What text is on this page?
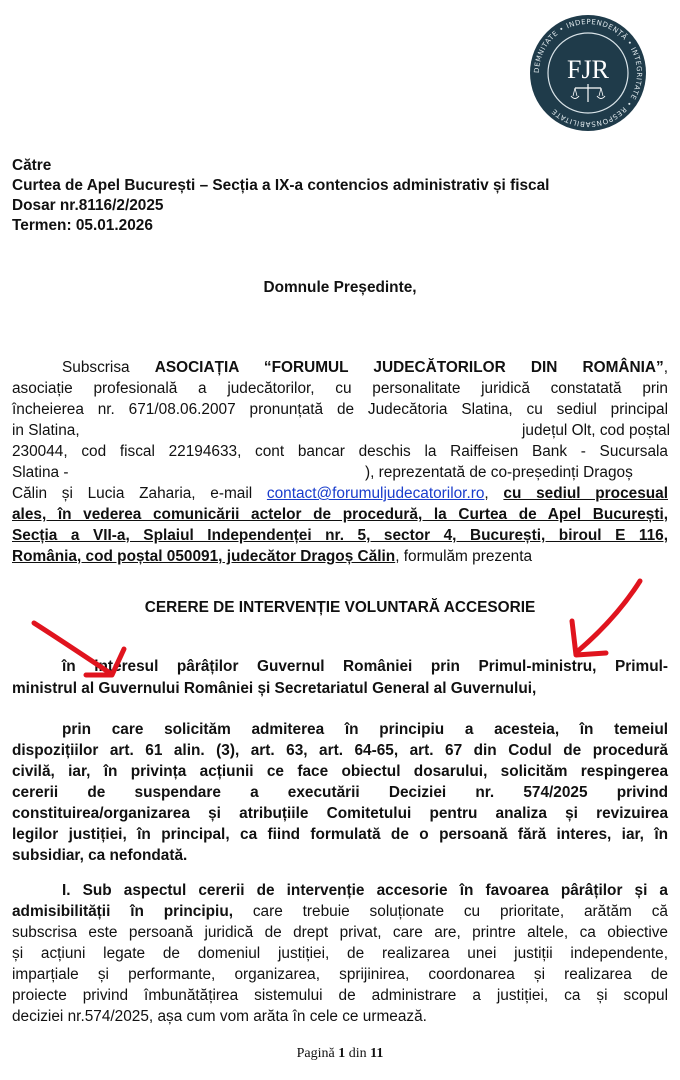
DEMNITATE • INDEPENDENȚĂ • INTEGRITATE • RESPONSABILITATE
FJR
Către
Curtea de Apel București – Secția a IX-a contencios administrativ și fiscal
Dosar nr.8116/2/2025
Termen: 05.01.2026
Domnule Președinte,
Subscrisa ASOCIAȚIA “FORUMUL JUDECĂTORILOR DIN ROMÂNIA”,
asociație profesională a judecătorilor, cu personalitate juridică constatată prin
încheierea nr. 671/08.06.2007 pronunțată de Judecătoria Slatina, cu sediul principal
in Slatina,	județul Olt, cod poștal
230044, cod fiscal 22194633, cont bancar deschis la Raiffeisen Bank - Sucursala
Slatina -	), reprezentată de co-președinți Dragoș
Călin și Lucia Zaharia, e-mail contact@forumuljudecatorilor.ro, cu sediul procesual
ales, în vederea comunicării actelor de procedură, la Curtea de Apel București,
Secția a VII-a, Splaiul Independenței nr. 5, sector 4, București, biroul E 116,
România, cod poștal 050091, judecător Dragoș Călin, formulăm prezenta
CERERE DE INTERVENȚIE VOLUNTARĂ ACCESORIE
în interesul pârâților Guvernul României prin Primul-ministru, Primul-
ministrul al Guvernului României și Secretariatul General al Guvernului,
prin care solicităm admiterea în principiu a acesteia, în temeiul
dispozițiilor art. 61 alin. (3), art. 63, art. 64-65, art. 67 din Codul de procedură
civilă, iar, în privința acțiunii ce face obiectul dosarului, solicităm respingerea
cererii de suspendare a executării Deciziei nr. 574/2025 privind
constituirea/organizarea și atribuțiile Comitetului pentru analiza și revizuirea
legilor justiției, în principal, ca fiind formulată de o persoană fără interes, iar, în
subsidiar, ca nefondată.
I. Sub aspectul cererii de intervenție accesorie în favoarea pârâților și a
admisibilității în principiu, care trebuie soluționate cu prioritate, arătăm că
subscrisa este persoană juridică de drept privat, care are, printre altele, ca obiective
și acțiuni legate de domeniul justiției, de realizarea unei justiții independente,
imparțiale și performante, organizarea, sprijinirea, coordonarea și realizarea de
proiecte privind îmbunătățirea sistemului de administrare a justiției, ca și scopul
deciziei nr.574/2025, așa cum vom arăta în cele ce urmează.
Pagină 1 din 11
